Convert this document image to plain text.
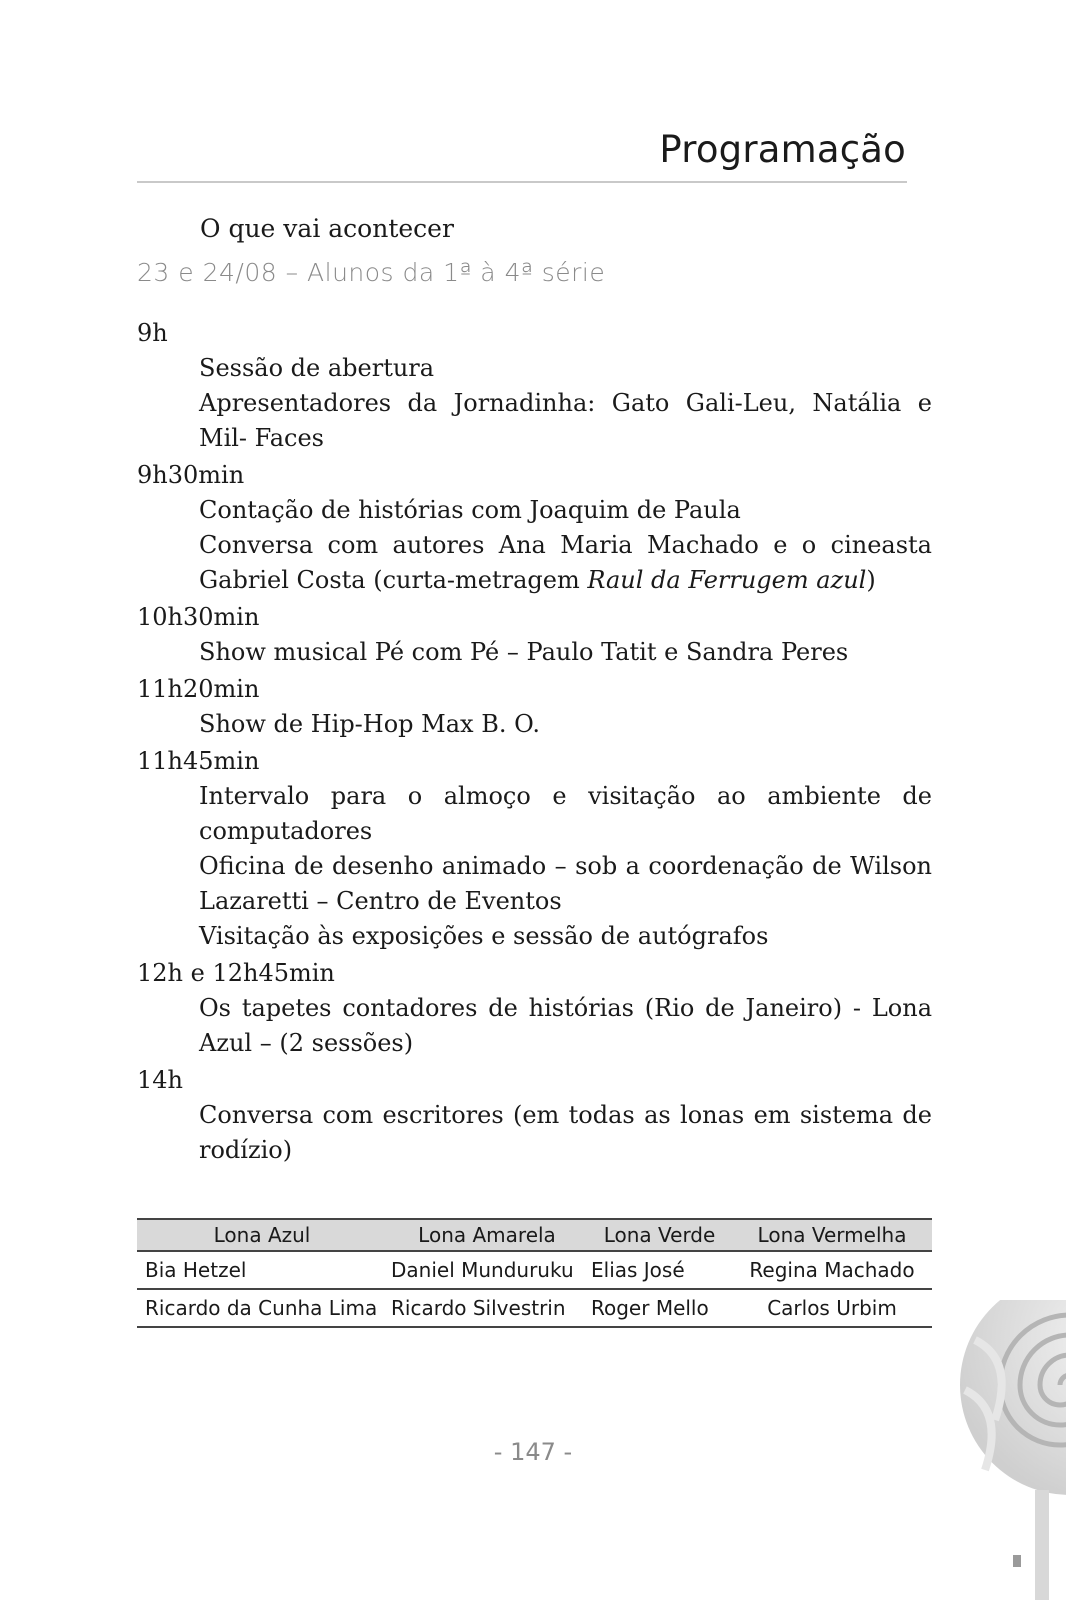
Programação
O que vai acontecer
23 e 24/08 – Alunos da 1ª à 4ª série
9h
Sessão de abertura
Apresentadores da Jornadinha: Gato Gali-Leu, Natália e Mil- Faces
9h30min
Contação de histórias com Joaquim de Paula
Conversa com autores Ana Maria Machado e o cineasta Gabriel Costa (curta-metragem Raul da Ferrugem azul)
10h30min
Show musical Pé com Pé – Paulo Tatit e Sandra Peres
11h20min
Show de Hip-Hop Max B. O.
11h45min
Intervalo para o almoço e visitação ao ambiente de computadores
Oficina de desenho animado – sob a coordenação de Wilson Lazaretti – Centro de Eventos
Visitação às exposições e sessão de autógrafos
12h e 12h45min
Os tapetes contadores de histórias (Rio de Janeiro) - Lona Azul – (2 sessões)
14h
Conversa com escritores (em todas as lonas em sistema de rodízio)
Lona Azul	Lona Amarela	Lona Verde	Lona Vermelha
Bia Hetzel	Daniel Munduruku	Elias José	Regina Machado
Ricardo da Cunha Lima	Ricardo Silvestrin	Roger Mello	Carlos Urbim
- 147 -
